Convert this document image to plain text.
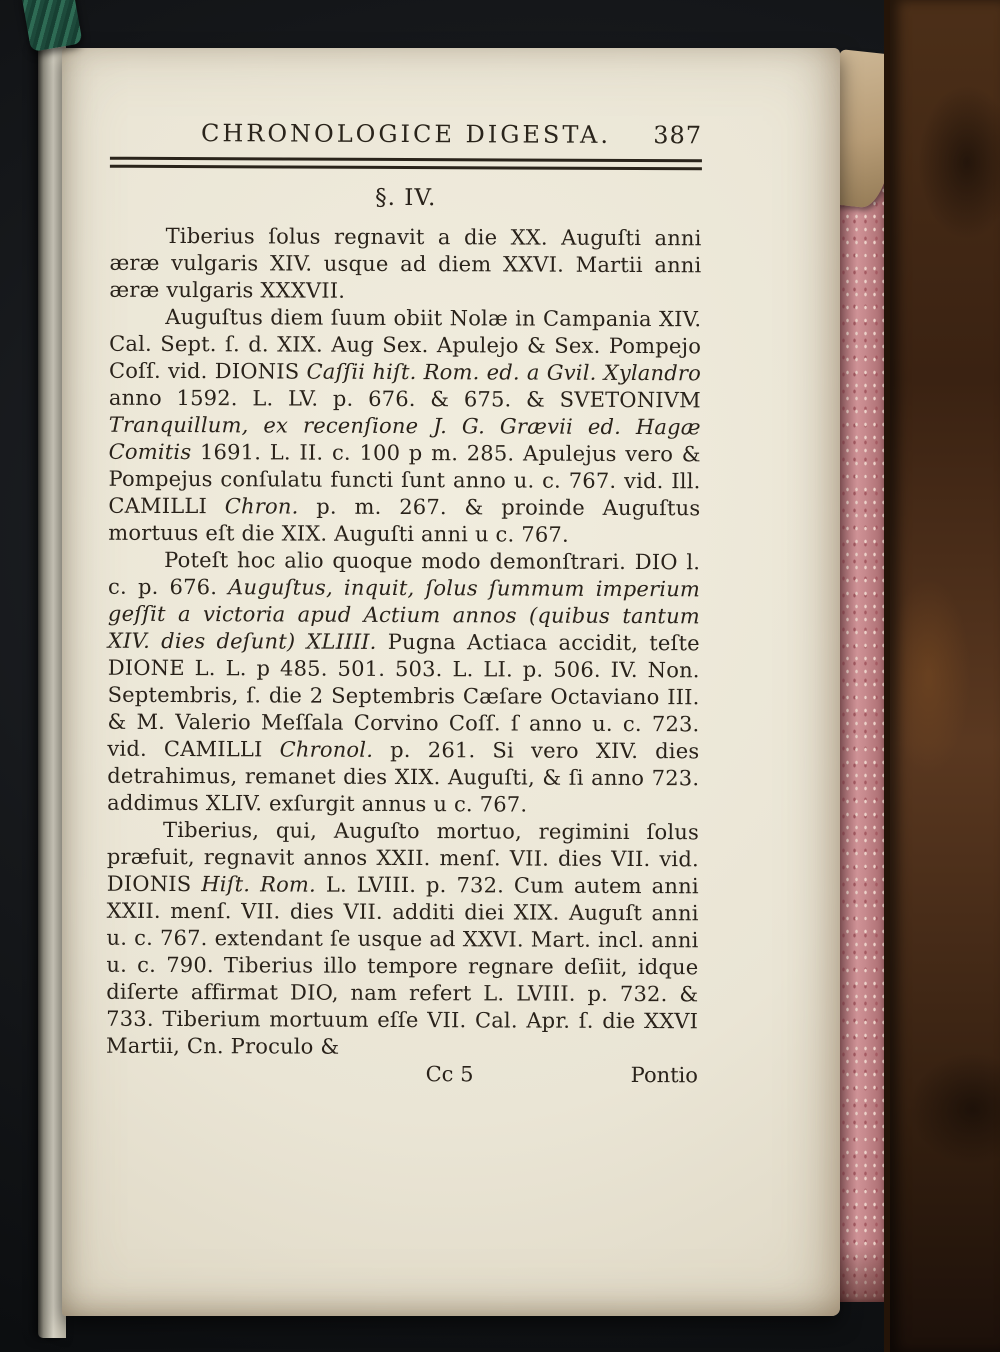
CHRONOLOGICE DIGESTA. 387
§. IV.

Tiberius ſolus regnavit a die XX. Auguſti anni æræ vulgaris XIV. usque ad diem XXVI. Martii anni æræ vulgaris XXXVII.

Auguſtus diem ſuum obiit Nolæ in Campania XIV. Cal. Sept. ſ. d. XIX. Aug Sex. Apulejo & Sex. Pompejo Coſſ. vid. DIONIS Caſſii hiſt. Rom. ed. a Gvil. Xylandro anno 1592. L. LV. p. 676. & 675. & SVETONIVM Tranquillum, ex recenſione J. G. Grævii ed. Hagæ Comitis 1691. L. II. c. 100 p m. 285. Apulejus vero & Pompejus conſulatu functi ſunt anno u. c. 767. vid. Ill. CAMILLI Chron. p. m. 267. & proinde Auguſtus mortuus eſt die XIX. Auguſti anni u c. 767.

Poteſt hoc alio quoque modo demonſtrari. DIO l. c. p. 676. Auguſtus, inquit, ſolus ſummum imperium geſſit a victoria apud Actium annos (quibus tantum XIV. dies deſunt) XLIIII. Pugna Actiaca accidit, teſte DIONE L. L. p 485. 501. 503. L. LI. p. 506. IV. Non. Septembris, ſ. die 2 Septembris Cæſare Octaviano III. & M. Valerio Meſſala Corvino Coſſ. ſ anno u. c. 723. vid. CAMILLI Chronol. p. 261. Si vero XIV. dies detrahimus, remanet dies XIX. Auguſti, & ſi anno 723. addimus XLIV. exſurgit annus u c. 767.

Tiberius, qui, Auguſto mortuo, regimini ſolus præfuit, regnavit annos XXII. menſ. VII. dies VII. vid. DIONIS Hiſt. Rom. L. LVIII. p. 732. Cum autem anni XXII. menſ. VII. dies VII. additi diei XIX. Auguſt anni u. c. 767. extendant ſe usque ad XXVI. Mart. incl. anni u. c. 790. Tiberius illo tempore regnare deſiit, idque diſerte affirmat DIO, nam refert L. LVIII. p. 732. & 733. Tiberium mortuum eſſe VII. Cal. Apr. ſ. die XXVI Martii, Cn. Proculo &

Cc 5	Pontio
